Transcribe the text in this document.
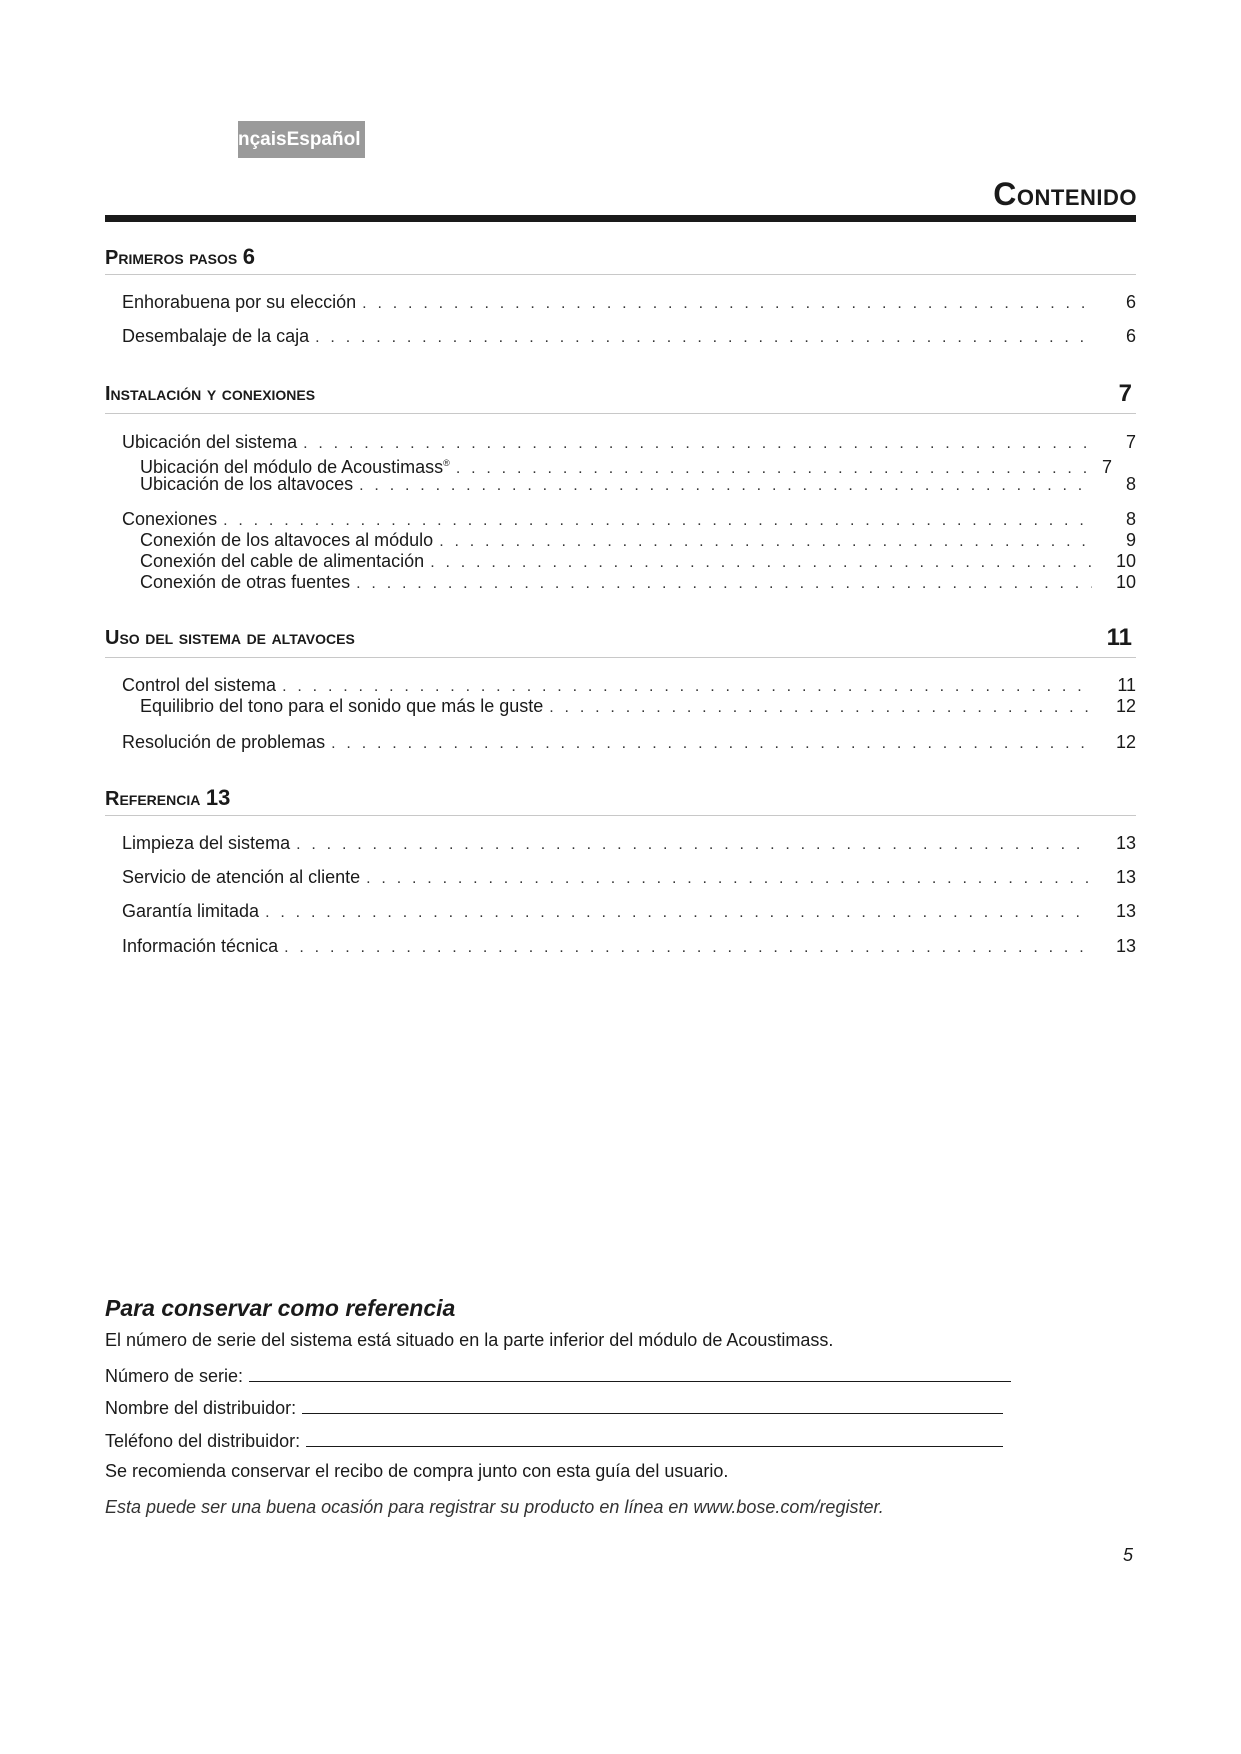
nçaisEspañol
Contenido
Primeros pasos 6
Enhorabuena por su elección . . .	6
Desembalaje de la caja . . .	6
Instalación y conexiones	7
Ubicación del sistema . . .	7
Ubicación del módulo de Acoustimass® . . .	7
Ubicación de los altavoces . . .	8
Conexiones . . .	8
Conexión de los altavoces al módulo . . .	9
Conexión del cable de alimentación . . .	10
Conexión de otras fuentes . . .	10
Uso del sistema de altavoces	11
Control del sistema . . .	11
Equilibrio del tono para el sonido que más le guste . . .	12
Resolución de problemas . . .	12
Referencia 13
Limpieza del sistema . . .	13
Servicio de atención al cliente . . .	13
Garantía limitada . . .	13
Información técnica . . .	13
Para conservar como referencia
El número de serie del sistema está situado en la parte inferior del módulo de Acoustimass.
Número de serie:
Nombre del distribuidor:
Teléfono del distribuidor:
Se recomienda conservar el recibo de compra junto con esta guía del usuario.
Esta puede ser una buena ocasión para registrar su producto en línea en www.bose.com/register.
5
